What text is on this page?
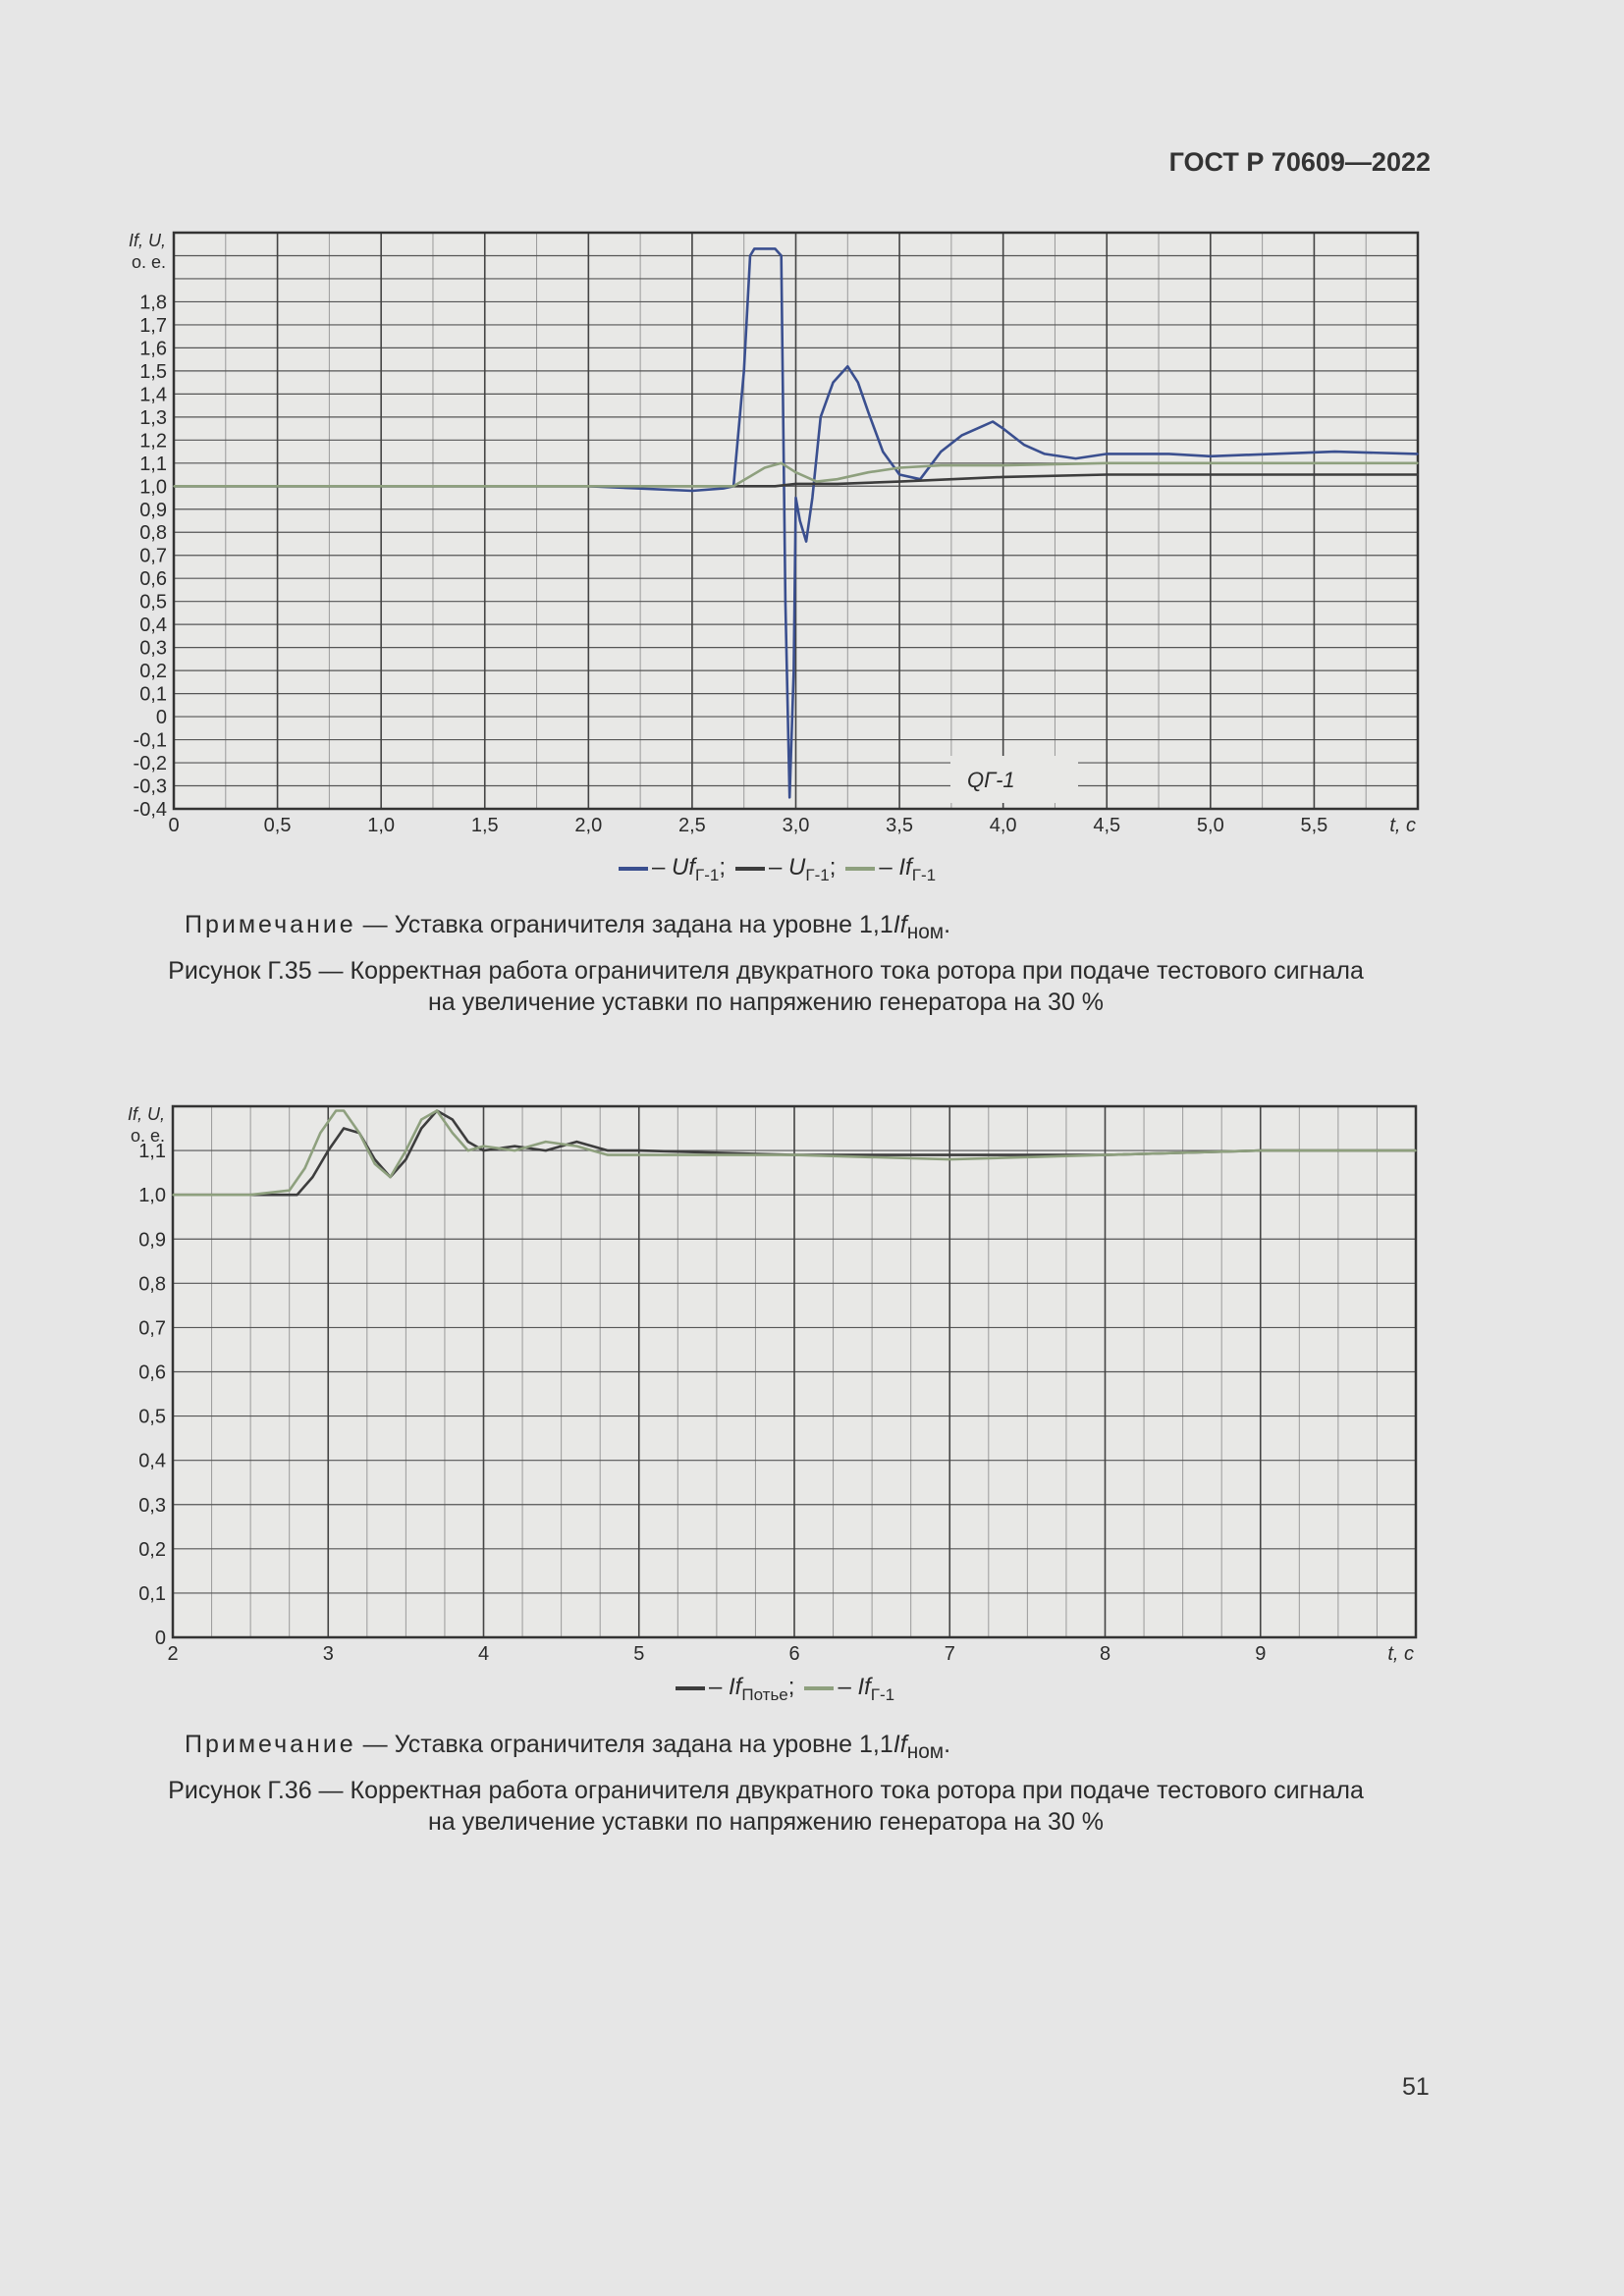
ГОСТ Р 70609—2022
-0,4
-0,3
-0,2
-0,1
0
0,1
0,2
0,3
0,4
0,5
0,6
0,7
0,8
0,9
1,0
1,1
1,2
1,3
1,4
1,5
1,6
1,7
1,8
0	0,5	1,0	1,5	2,0	2,5	3,0	3,5	4,0	4,5	5,0	5,5
If, U,
о. е.
t, с
QГ-1
– $Uf_{Г-1}$; – $U_{Г-1}$; – $If_{Г-1}$
Примечание — Уставка ограничителя задана на уровне $1,1If_{ном}$.
Рисунок Г.35 — Корректная работа ограничителя двукратного тока ротора при подаче тестового сигнала
на увеличение уставки по напряжению генератора на 30 %
0
0,1
0,2
0,3
0,4
0,5
0,6
0,7
0,8
0,9
1,0
1,1
2	3	4	5	6	7	8	9
If, U,
о. е.
t, с
– $If_{Потье}$; – $If_{Г-1}$
Примечание — Уставка ограничителя задана на уровне $1,1If_{ном}$.
Рисунок Г.36 — Корректная работа ограничителя двукратного тока ротора при подаче тестового сигнала
на увеличение уставки по напряжению генератора на 30 %
51
